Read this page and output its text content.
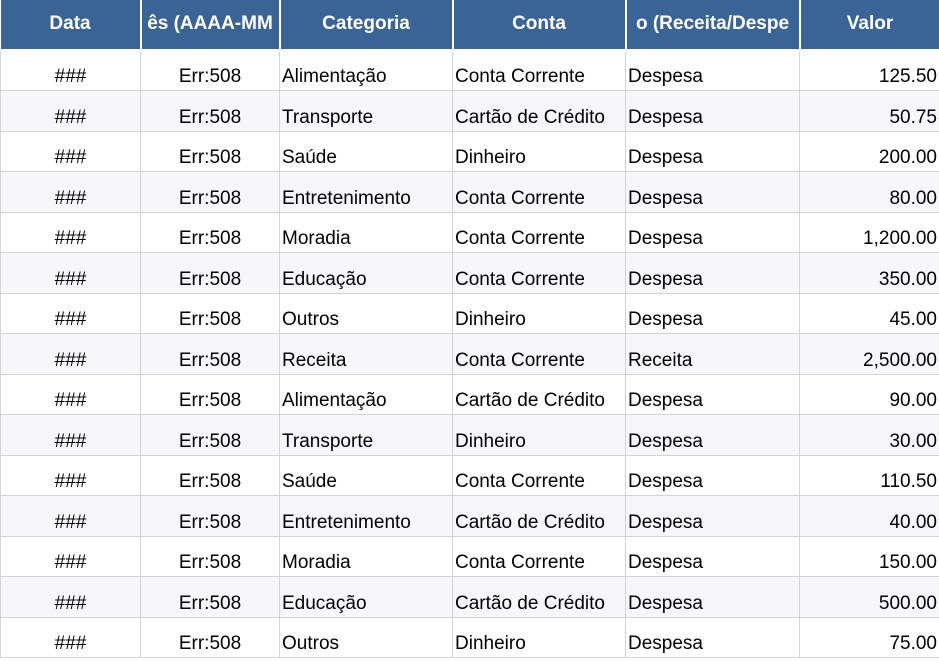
Data	ês (AAAA-MM	Categoria	Conta	o (Receita/Despe	Valor
###	Err:508	Alimentação	Conta Corrente	Despesa	125.50
###	Err:508	Transporte	Cartão de Crédito	Despesa	50.75
###	Err:508	Saúde	Dinheiro	Despesa	200.00
###	Err:508	Entretenimento	Conta Corrente	Despesa	80.00
###	Err:508	Moradia	Conta Corrente	Despesa	1,200.00
###	Err:508	Educação	Conta Corrente	Despesa	350.00
###	Err:508	Outros	Dinheiro	Despesa	45.00
###	Err:508	Receita	Conta Corrente	Receita	2,500.00
###	Err:508	Alimentação	Cartão de Crédito	Despesa	90.00
###	Err:508	Transporte	Dinheiro	Despesa	30.00
###	Err:508	Saúde	Conta Corrente	Despesa	110.50
###	Err:508	Entretenimento	Cartão de Crédito	Despesa	40.00
###	Err:508	Moradia	Conta Corrente	Despesa	150.00
###	Err:508	Educação	Cartão de Crédito	Despesa	500.00
###	Err:508	Outros	Dinheiro	Despesa	75.00
